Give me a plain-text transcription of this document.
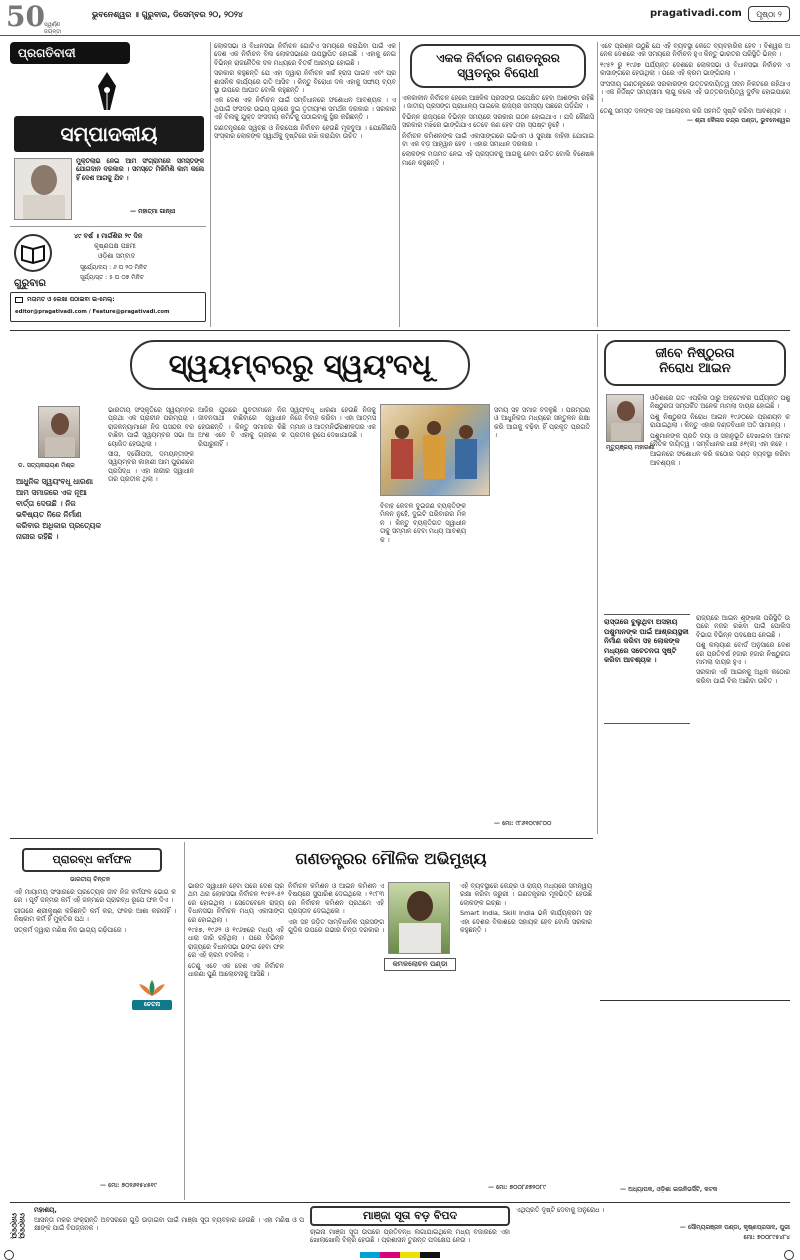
50 ସ୍ୱର୍ଣ୍ଣ ଜୟନ୍ତୀ
ଭୁବନେଶ୍ୱର ॥ ଗୁରୁବାର, ଡିସେମ୍ବର ୨୦, ୨୦୨୪	pragativadi.com	ପୃଷ୍ଠା ୨
ପ୍ରଗତିବାଦୀ
ସମ୍ପାଦକୀୟ
ମୁକ୍ତିଲାଭ ନେଇ ଆମ ସଂଗ୍ରାମରେ ସମସ୍ତଙ୍କ ଯୋଗଦାନ ଦରକାର । ସମସ୍ତେ ମିଳିମିଶି କାମ କଲେ ହିଁ ଦେଶ ଆଗକୁ ଯିବ ।
— ମହାତ୍ମା ଗାନ୍ଧୀ
୪୯ ବର୍ଷ ॥ ମାର୍ଗଶିର ୨୯ ଦିନ
କୃଷ୍ଣପକ୍ଷ ପଞ୍ଚମୀ
ଓଡ଼ିଶା ସମ୍ବାଦ
ଗୁରୁବାର
ସୂର୍ଯ୍ୟୋଦୟ : ୬ ଘ ୨୦ ମିନିଟ
ସୂର୍ଯ୍ୟାସ୍ତ : ୫ ଘ ୦୭ ମିନିଟ
ମତାମତ ଓ ଲେଖା ପଠାଇବା ଇ-ମେଲ୍:
editor@pragativadi.com / Feature@pragativadi.com

ଲୋକସଭା ଓ ବିଧାନସଭା ନିର୍ବାଚନ ଗୋଟିଏ ସମୟରେ କରାଯିବା ପାଇଁ ଏକ ଦେଶ ଏକ ନିର୍ବାଚନ ବିଲ ଲୋକସଭାରେ ଉପସ୍ଥାପିତ ହୋଇଛି । ଏହାକୁ ନେଇ ବିଭିନ୍ନ ରାଜନୈତିକ ଦଳ ମଧ୍ୟରେ ବିତର୍କ ଆରମ୍ଭ ହୋଇଛି ।

ସରକାର କହୁଛନ୍ତି ଯେ ଏହା ଦ୍ୱାରା ନିର୍ବାଚନ ଖର୍ଚ୍ଚ ହ୍ରାସ ପାଇବ ଏବଂ ପ୍ରଶାସନିକ କାର୍ଯ୍ୟରେ ଗତି ଆସିବ । କିନ୍ତୁ ବିରୋଧୀ ଦଳ ଏହାକୁ ସଙ୍ଘୀୟ ବ୍ୟବସ୍ଥା ଉପରେ ଆଘାତ ବୋଲି କହୁଛନ୍ତି ।

ଏକ ଦେଶ ଏକ ନିର୍ବାଚନ ପାଇଁ ସମ୍ବିଧାନରେ ସଂଶୋଧନ ଆବଶ୍ୟକ । ଏଥିପାଇଁ ସଂସଦର ଉଭୟ ଗୃହରେ ଦୁଇ ତୃତୀୟାଂଶ ସମର୍ଥନ ଦରକାର । ସରକାର ଏହି ବିଲକୁ ଯୁକ୍ତ ସଂସଦୀୟ କମିଟିକୁ ପଠାଇବାକୁ ସ୍ଥିର କରିଛନ୍ତି ।

ଗଣତନ୍ତ୍ରରେ ସ୍ୱଚ୍ଛ ଓ ନିରପେକ୍ଷ ନିର୍ବାଚନ ହେଉଛି ମୂଳଦୁଆ । ଯେକୌଣସି ସଂସ୍କାର ଲୋକଙ୍କ ସ୍ୱାର୍ଥକୁ ଦୃଷ୍ଟିରେ ରଖି କରାଯିବା ଉଚିତ ।

ଏକକ ନିର୍ବାଚନ ଗଣତନ୍ତ୍ରର
ସ୍ୱତନ୍ତ୍ର ବିରୋଧୀ

ଏକକାଳୀନ ନିର୍ବାଚନ ହେଲେ ଆଞ୍ଚଳିକ ପ୍ରସଙ୍ଗ ଉପେକ୍ଷିତ ହେବା ଆଶଙ୍କା ରହିଛି । ଜାତୀୟ ପ୍ରସଙ୍ଗ ପ୍ରାଧାନ୍ୟ ପାଇଲେ ରାଜ୍ୟର ସମସ୍ୟା ପଛରେ ପଡ଼ିଯିବ ।

ବିଭିନ୍ନ ରାଜ୍ୟରେ ବିଭିନ୍ନ ସମୟରେ ସରକାର ଗଠନ ହୋଇଥାଏ । ଯଦି କୌଣସି ସରକାର ମଝିରେ ଭାଙ୍ଗିଯାଏ ତେବେ କଣ ହେବ ତାହା ସ୍ପଷ୍ଟ ନୁହେଁ ।

ନିର୍ବାଚନ କମିଶନଙ୍କ ପାଇଁ ଏକାସାଙ୍ଗରେ ଇଭିଏମ ଓ ସୁରକ୍ଷା ବାହିନୀ ଯୋଗାଇବା ଏକ ବଡ଼ ଆହ୍ୱାନ ହେବ । ଏହାର ସମାଧାନ ଦରକାର ।

ଲୋକଙ୍କ ମତାମତ ନେଇ ଏହି ପ୍ରସ୍ତାବକୁ ଆଗକୁ ନେବା ଉଚିତ ବୋଲି ବିଶେଷଜ୍ଞମାନେ କହୁଛନ୍ତି ।

ଏବେ ପ୍ରଶ୍ନ ଉଠୁଛି ଯେ ଏହି ବ୍ୟବସ୍ଥା କେତେ ବ୍ୟବହାରିକ ହେବ । ବିଶ୍ୱର ଅନେକ ଦେଶରେ ଏକ ସମୟରେ ନିର୍ବାଚନ ହୁଏ କିନ୍ତୁ ଭାରତର ପରିସ୍ଥିତି ଭିନ୍ନ ।

୧୯୫୨ ରୁ ୧୯୬୭ ପର୍ଯ୍ୟନ୍ତ ଦେଶରେ ଲୋକସଭା ଓ ବିଧାନସଭା ନିର୍ବାଚନ ଏକାସାଙ୍ଗରେ ହେଉଥିଲା । ପରେ ଏହି କ୍ରମ ଭାଙ୍ଗିଗଲା ।

ସଂସଦୀୟ ଗଣତନ୍ତ୍ରରେ ସରକାରଙ୍କ ଉତ୍ତରଦାୟିତ୍ୱ ସଦନ ନିକଟରେ ରହିଥାଏ । ଏକ ନିର୍ଦ୍ଦିଷ୍ଟ ସମୟସୀମା ଲାଗୁ କଲେ ଏହି ଉତ୍ତରଦାୟିତ୍ୱ ଦୁର୍ବଳ ହୋଇପାରେ ।

ତେଣୁ ସମସ୍ତ ଦଳଙ୍କ ସହ ଆଲୋଚନା କରି ସହମତି ସୃଷ୍ଟି କରିବା ଆବଶ୍ୟକ ।

— ଶ୍ରୀ କୈଳାସ ଚନ୍ଦ୍ର ପଣ୍ଡା, ଭୁବନେଶ୍ୱର

ସ୍ୱୟମ୍ବରରୁ ସ୍ୱୟଂବଧୂ
ଡ. ସତ୍ୟନାରାୟଣ ମିଶ୍ର
ଆଧୁନିକ ସ୍ୱୟଂବଧୂ ଧାରଣା ଆମ ସମାଜରେ ଏକ ନୂଆ ବାର୍ତ୍ତା ଦେଉଛି । ନିଜ ଭବିଷ୍ୟତ ନିଜେ ନିର୍ମାଣ କରିବାର ଅଧିକାର ପ୍ରତ୍ୟେକ ନାରୀର ରହିଛି ।

ଭାରତୀୟ ସଂସ୍କୃତିରେ ସ୍ୱୟମ୍ବର ପ୍ରଥା ଏକ ପ୍ରାଚୀନ ପରମ୍ପରା । ରାଜକନ୍ୟାମାନେ ନିଜ ପସନ୍ଦର ବର ବାଛିବା ପାଇଁ ସ୍ୱୟମ୍ବର ସଭା ଆୟୋଜିତ ହେଉଥିଲା ।

ସୀତା, ଦ୍ରୌପଦୀ, ଦମୟନ୍ତୀଙ୍କ ସ୍ୱୟମ୍ବର କାହାଣୀ ଆମ ପୁରାଣରେ ପ୍ରସିଦ୍ଧ । ଏହା ନାରୀର ସ୍ୱାଧୀନତାର ପ୍ରତୀକ ଥିଲା ।

ଆଜିର ଯୁଗରେ ଯୁବତୀମାନେ ନିଜ ଜୀବନସାଥୀ ବାଛିବାରେ ସ୍ୱାଧୀନ ହେଉଛନ୍ତି । କିନ୍ତୁ ସମାଜର କିଛି ଅଂଶ ଏବେ ବି ଏହାକୁ ଗ୍ରହଣ କରିପାରୁନାହିଁ ।

ସ୍ୱୟଂବଧୂ ଧାରଣା ହେଉଛି ନିଜକୁ ନିଜେ ବିବାହ କରିବା । ଏହା ଆତ୍ମସମ୍ମାନ ଓ ଆତ୍ମନିର୍ଭରଶୀଳତାର ଏକ ପ୍ରତୀକ ରୂପେ ଦେଖାଯାଉଛି ।

ବିବାହ କେବଳ ଦୁଇଜଣ ବ୍ୟକ୍ତିଙ୍କ ମିଳନ ନୁହେଁ, ଦୁଇଟି ପରିବାରର ମିଳନ । କିନ୍ତୁ ବ୍ୟକ୍ତିଗତ ସ୍ୱାଧୀନତାକୁ ସମ୍ମାନ ଦେବା ମଧ୍ୟ ଆବଶ୍ୟକ ।

ସମୟ ସହ ସମାଜ ବଦଳୁଛି । ପରମ୍ପରା ଓ ଆଧୁନିକତା ମଧ୍ୟରେ ସନ୍ତୁଳନ ରକ୍ଷା କରି ଆଗକୁ ବଢ଼ିବା ହିଁ ପ୍ରକୃତ ପ୍ରଗତି ।

— ମୋ: ୯୮୬୧୦୯୫୮୦୦
ଜୀବେ ନିଷ୍ଠୁରତା
ନିରୋଧ ଆଇନ
ମୃତ୍ୟୁଞ୍ଜୟ ମହାରଣା

ଓଡ଼ିଶାରେ ଗତ ଏପ୍ରିଲ ଠାରୁ ଅକ୍ଟୋବର ପର୍ଯ୍ୟନ୍ତ ପଶୁ ନିଷ୍ଠୁରତା ସମ୍ପର୍କିତ ଅନେକ ମାମଲା ଦାୟର ହୋଇଛି ।

ପଶୁ ନିଷ୍ଠୁରତା ନିରୋଧ ଆଇନ ୧୯୬୦ରେ ପ୍ରଣୟନ କରାଯାଇଥିଲା । କିନ୍ତୁ ଏହାର ଦଣ୍ଡବିଧାନ ଅତି ସାମାନ୍ୟ ।

ପଶୁମାନଙ୍କ ପ୍ରତି ଦୟା ଓ ସହାନୁଭୂତି ଦେଖାଇବା ଆମର ନୈତିକ ଦାୟିତ୍ୱ । ସମ୍ବିଧାନର ଧାରା ୫୧(କ) ଏହା କହେ ।

ଆଇନରେ ସଂଶୋଧନ କରି କଠୋର ଦଣ୍ଡ ବ୍ୟବସ୍ଥା କରିବା ଆବଶ୍ୟକ ।

ରାସ୍ତାରେ ବୁଲୁଥିବା ଅସହାୟ ପଶୁମାନଙ୍କ ପାଇଁ ଆଶ୍ରୟସ୍ଥଳୀ ନିର୍ମାଣ କରିବା ସହ ଲୋକଙ୍କ ମଧ୍ୟରେ ସଚେତନତା ସୃଷ୍ଟି କରିବା ଆବଶ୍ୟକ ।

ରାଜ୍ୟରେ ଆଇନ ଶୃଙ୍ଖଳା ପରିସ୍ଥିତି ଉପରେ ନଜର ରଖିବା ପାଇଁ ପୋଲିସ ବିଭାଗ ବିଭିନ୍ନ ପଦକ୍ଷେପ ନେଇଛି ।

ପଶୁ କଲ୍ୟାଣ ବୋର୍ଡ ଅନୁସାରେ ଦେଶରେ ପ୍ରତିବର୍ଷ ହଜାର ହଜାର ନିଷ୍ଠୁରତା ମାମଲା ଦାୟର ହୁଏ ।

ସରକାର ଏହି ଆଇନକୁ ଅଧିକ କଠୋର କରିବା ପାଇଁ ବିଲ ଆଣିବା ଉଚିତ ।

ପ୍ରାରବ୍ଧ କର୍ମଫଳ
ଭାରତୀୟ ଚିନ୍ତନ

ଏହି ମାୟାମୟ ସଂସାରରେ ପ୍ରତ୍ୟେକ ଜୀବ ନିଜ କର୍ମଫଳ ଭୋଗ କରେ । ପୂର୍ବ ଜନ୍ମର କର୍ମ ଏହି ଜନ୍ମରେ ପ୍ରାରବ୍ଧ ରୂପେ ଫଳ ଦିଏ ।

ଗୀତାରେ ଶ୍ରୀକୃଷ୍ଣ କହିଛନ୍ତି କର୍ମ କର, ଫଳର ଆଶା କରନାହିଁ । ନିଷ୍କାମ କର୍ମ ହିଁ ମୁକ୍ତିର ପଥ ।

ସତ୍କର୍ମ ଦ୍ୱାରା ମଣିଷ ନିଜ ଭାଗ୍ୟ ଗଢ଼ିପାରେ ।

ଚେତନା
— ମୋ: ୭୦୨୬୧୫୪୫୧୯
ଗଣତନ୍ତ୍ରର ମୌଳିକ ଅଭିମୁଖ୍ୟ

ଭାରତ ସ୍ୱାଧୀନ ହେବା ପରେ ଦେଶ ପ୍ରଥମ ଥର ଲୋକସଭା ନିର୍ବାଚନ ୧୯୫୧-୫୨ରେ ହୋଇଥିଲା । ସେତେବେଳେ ରାଜ୍ୟ ବିଧାନସଭା ନିର୍ବାଚନ ମଧ୍ୟ ଏକାସାଙ୍ଗରେ ହୋଇଥିଲା ।

୧୯୫୭, ୧୯୬୨ ଓ ୧୯୬୭ରେ ମଧ୍ୟ ଏହି ଧାରା ଜାରି ରହିଥିଲା । ପରେ ବିଭିନ୍ନ ରାଜ୍ୟରେ ବିଧାନସଭା ଭଙ୍ଗ ହେବା ଫଳରେ ଏହି କ୍ରମ ବଦଳିଲା ।

ତେଣୁ ଏବେ ଏକ ଦେଶ ଏକ ନିର୍ବାଚନ ଧାରଣା ପୁଣି ଆଲୋଚନାକୁ ଆସିଛି ।

ନିର୍ବାଚନ କମିଶନ ଓ ଆଇନ କମିଶନ ଏ ବିଷୟରେ ସୁପାରିଶ ଦେଇଥିଲେ । ୧୯୮୩ରେ ନିର୍ବାଚନ କମିଶନ ପ୍ରଥମେ ଏହି ପ୍ରସ୍ତାବ ଦେଇଥିଲେ ।

ଏହା ସହ ଜଡ଼ିତ ସାମ୍ବିଧାନିକ ପ୍ରସଙ୍ଗ ଗୁଡ଼ିକ ଉପରେ ଗଭୀର ଚିନ୍ତା ଦରକାର ।

କମଳଲୋଚନ ପଣ୍ଡା

ଏହି ବ୍ୟବସ୍ଥାରେ କେନ୍ଦ୍ର ଓ ରାଜ୍ୟ ମଧ୍ୟରେ ସମନ୍ୱୟ ରକ୍ଷା କରିବା ଜରୁରୀ । ଗଣତନ୍ତ୍ରର ମୂଳଭିତ୍ତି ହେଉଛି ଲୋକଙ୍କ ଇଚ୍ଛା ।

Smart India, Skill India ଭଳି କାର୍ଯ୍ୟକ୍ରମ ସହ ଏହା ଦେଶର ବିକାଶରେ ସହାୟକ ହେବ ବୋଲି ସରକାର କହୁଛନ୍ତି ।

— ମୋ: ୭୦୦୮୬୭୨୦୮୯	— ଅଧ୍ୟାପକ, ଓଡ଼ିଶା ଇଉନିଭର୍ସିଟି, କଟକ
ମନ୍ତବ୍ୟ ମନ୍ତବ୍ୟ
ମହାଶୟ,
ଆସନ୍ତା ମକର ସଂକ୍ରାନ୍ତି ଅବସରରେ ଗୁଡ଼ି ଉଡ଼ାଇବା ପାଇଁ ମାଞ୍ଜା ସୂତା ବ୍ୟବହାର ହେଉଛି । ଏହା ମଣିଷ ଓ ପକ୍ଷୀଙ୍କ ପାଇଁ ବିପଜ୍ଜନକ ।
ମାଞ୍ଜା ସୂତା ବଡ଼ ବିପଦ
ଚାଇନା ମାଞ୍ଜା ସୂତା ଉପରେ ପ୍ରତିବନ୍ଧ ଲଗାଯାଇଥିଲେ ମଧ୍ୟ ବଜାରରେ ଏହା ଖୋଲାଖୋଲି ବିକ୍ରି ହେଉଛି । ପ୍ରଶାସନ ତୁରନ୍ତ ପଦକ୍ଷେପ ନେଉ ।
ଏଥିପ୍ରତି ଦୃଷ୍ଟି ଦେବାକୁ ଅନୁରୋଧ ।
— ସୌମ୍ୟରଞ୍ଜନ ପଣ୍ଡା, କୃଷ୍ଣପ୍ରସାଦ, ପୁରୀ
ମୋ: ୭୦୦୮୯୫୪୮୪
